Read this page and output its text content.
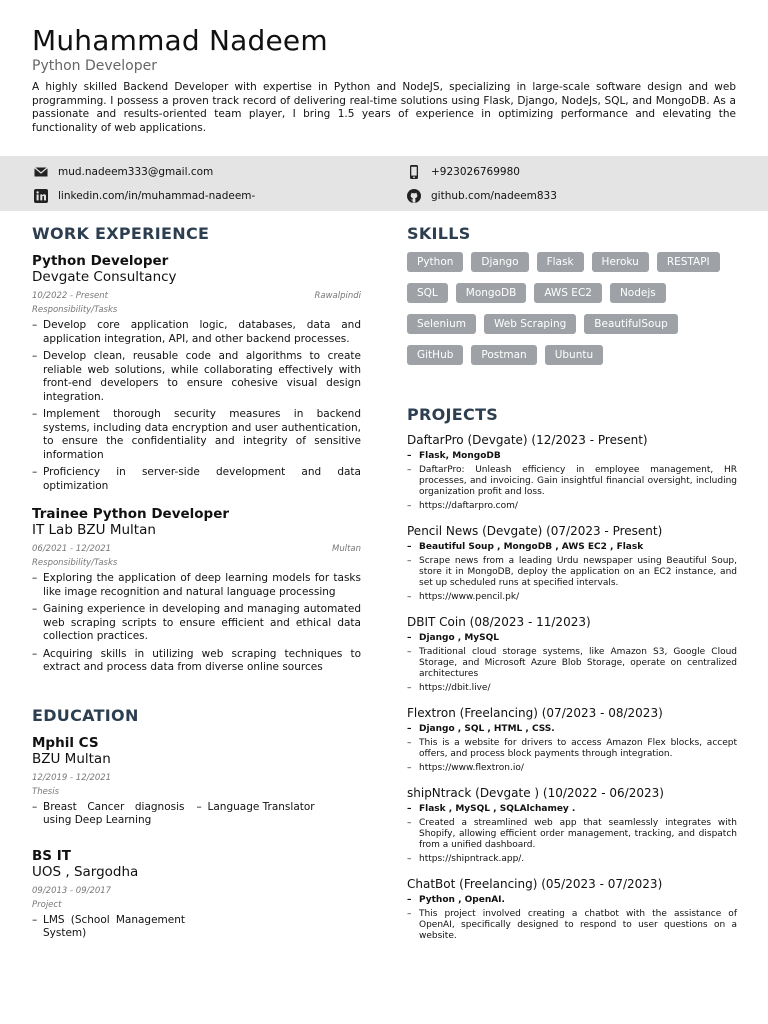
Muhammad Nadeem
Python Developer
A highly skilled Backend Developer with expertise in Python and NodeJS, specializing in large-scale software design and web programming. I possess a proven track record of delivering real-time solutions using Flask, Django, NodeJs, SQL, and MongoDB. As a passionate and results-oriented team player, I bring 1.5 years of experience in optimizing performance and elevating the functionality of web applications.
mud.nadeem333@gmail.com	+923026769980
linkedin.com/in/muhammad-nadeem-	github.com/nadeem833
WORK EXPERIENCE
Python Developer
Devgate Consultancy
10/2022 - Present	Rawalpindi
Responsibility/Tasks
– Develop core application logic, databases, data and application integration, API, and other backend processes.
– Develop clean, reusable code and algorithms to create reliable web solutions, while collaborating effectively with front-end developers to ensure cohesive visual design integration.
– Implement thorough security measures in backend systems, including data encryption and user authentication, to ensure the confidentiality and integrity of sensitive information
– Proficiency in server-side development and data optimization
Trainee Python Developer
IT Lab BZU Multan
06/2021 - 12/2021	Multan
Responsibility/Tasks
– Exploring the application of deep learning models for tasks like image recognition and natural language processing
– Gaining experience in developing and managing automated web scraping scripts to ensure efficient and ethical data collection practices.
– Acquiring skills in utilizing web scraping techniques to extract and process data from diverse online sources
EDUCATION
Mphil CS
BZU Multan
12/2019 - 12/2021
Thesis
– Breast Cancer diagnosis using Deep Learning
– Language Translator
BS IT
UOS , Sargodha
09/2013 - 09/2017
Project
– LMS (School Management System)
SKILLS
Python	Django	Flask	Heroku	RESTAPI
SQL	MongoDB	AWS EC2	Nodejs
Selenium	Web Scraping	BeautifulSoup
GitHub	Postman	Ubuntu
PROJECTS
DaftarPro (Devgate) (12/2023 - Present)
– Flask, MongoDB
– DaftarPro: Unleash efficiency in employee management, HR processes, and invoicing. Gain insightful financial oversight, including organization profit and loss.
– https://daftarpro.com/
Pencil News (Devgate) (07/2023 - Present)
– Beautiful Soup , MongoDB , AWS EC2 , Flask
– Scrape news from a leading Urdu newspaper using Beautiful Soup, store it in MongoDB, deploy the application on an EC2 instance, and set up scheduled runs at specified intervals.
– https://www.pencil.pk/
DBIT Coin (08/2023 - 11/2023)
– Django , MySQL
– Traditional cloud storage systems, like Amazon S3, Google Cloud Storage, and Microsoft Azure Blob Storage, operate on centralized architectures
– https://dbit.live/
Flextron (Freelancing) (07/2023 - 08/2023)
– Django , SQL , HTML , CSS.
– This is a website for drivers to access Amazon Flex blocks, accept offers, and process block payments through integration.
– https://www.flextron.io/
shipNtrack (Devgate ) (10/2022 - 06/2023)
– Flask , MySQL , SQLAlchamey .
– Created a streamlined web app that seamlessly integrates with Shopify, allowing efficient order management, tracking, and dispatch from a unified dashboard.
– https://shipntrack.app/.
ChatBot (Freelancing) (05/2023 - 07/2023)
– Python , OpenAI.
– This project involved creating a chatbot with the assistance of OpenAI, specifically designed to respond to user questions on a website.
